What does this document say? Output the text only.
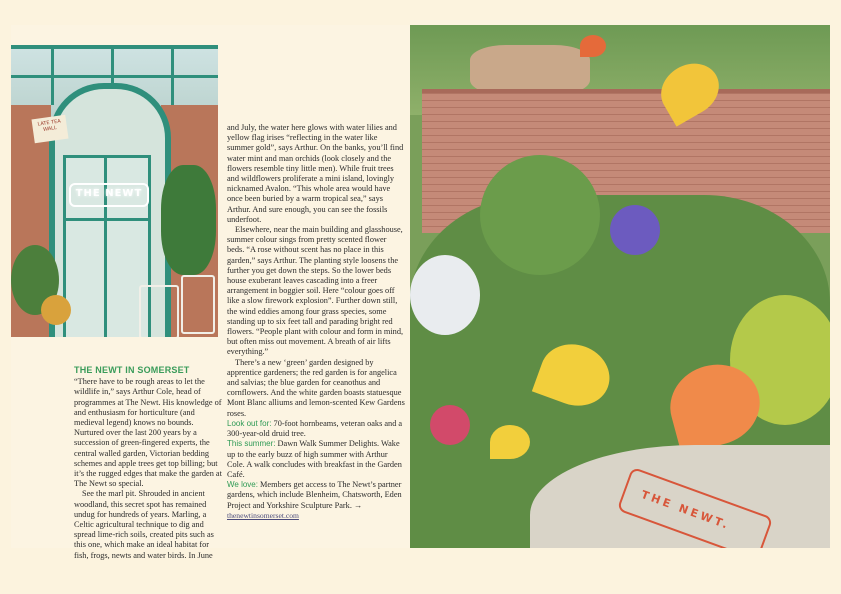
THE NEWT
LATE TEA WALL
THE NEWT IN SOMERSET

“There have to be rough areas to let the wildlife in,” says Arthur Cole, head of programmes at The Newt. His knowledge of and enthusiasm for horticulture (and medieval legend) knows no bounds. Nurtured over the last 200 years by a succession of green-fingered experts, the central walled garden, Victorian bedding schemes and apple trees get top billing; but it’s the rugged edges that make the garden at The Newt so special.

See the marl pit. Shrouded in ancient woodland, this secret spot has remained undug for hundreds of years. Marling, a Celtic agricultural technique to dig and spread lime-rich soils, created pits such as this one, which make an ideal habitat for fish, frogs, newts and water birds. In June

and July, the water here glows with water lilies and yellow flag irises “reflecting in the water like summer gold”, says Arthur. On the banks, you’ll find water mint and man orchids (look closely and the flowers resemble tiny little men). While fruit trees and wildflowers proliferate a mini island, lovingly nicknamed Avalon. “This whole area would have once been buried by a warm tropical sea,” says Arthur. And sure enough, you can see the fossils underfoot.

Elsewhere, near the main building and glasshouse, summer colour sings from pretty scented flower beds. “A rose without scent has no place in this garden,” says Arthur. The planting style loosens the further you get down the steps. So the lower beds house exuberant leaves cascading into a freer arrangement in boggier soil. Here “colour goes off like a slow firework explosion”. Further down still, the wind eddies among four grass species, some standing up to six feet tall and parading bright red flowers. “People plant with colour and form in mind, but often miss out movement. A breath of air lifts everything.”

There’s a new ‘green’ garden designed by apprentice gardeners; the red garden is for angelica and salvias; the blue garden for ceanothus and cornflowers. And the white garden boasts statuesque Mont Blanc alliums and lemon-scented Kew Gardens roses.

Look out for: 70-foot hornbeams, veteran oaks and a 300-year-old druid tree.

This summer: Dawn Walk Summer Delights. Wake up to the early buzz of high summer with Arthur Cole. A walk concludes with breakfast in the Garden Café.

We love: Members get access to The Newt’s partner gardens, which include Blenheim, Chatsworth, Eden Project and Yorkshire Sculpture Park. →

thenewtinsomerset.com	THE NEWT.
